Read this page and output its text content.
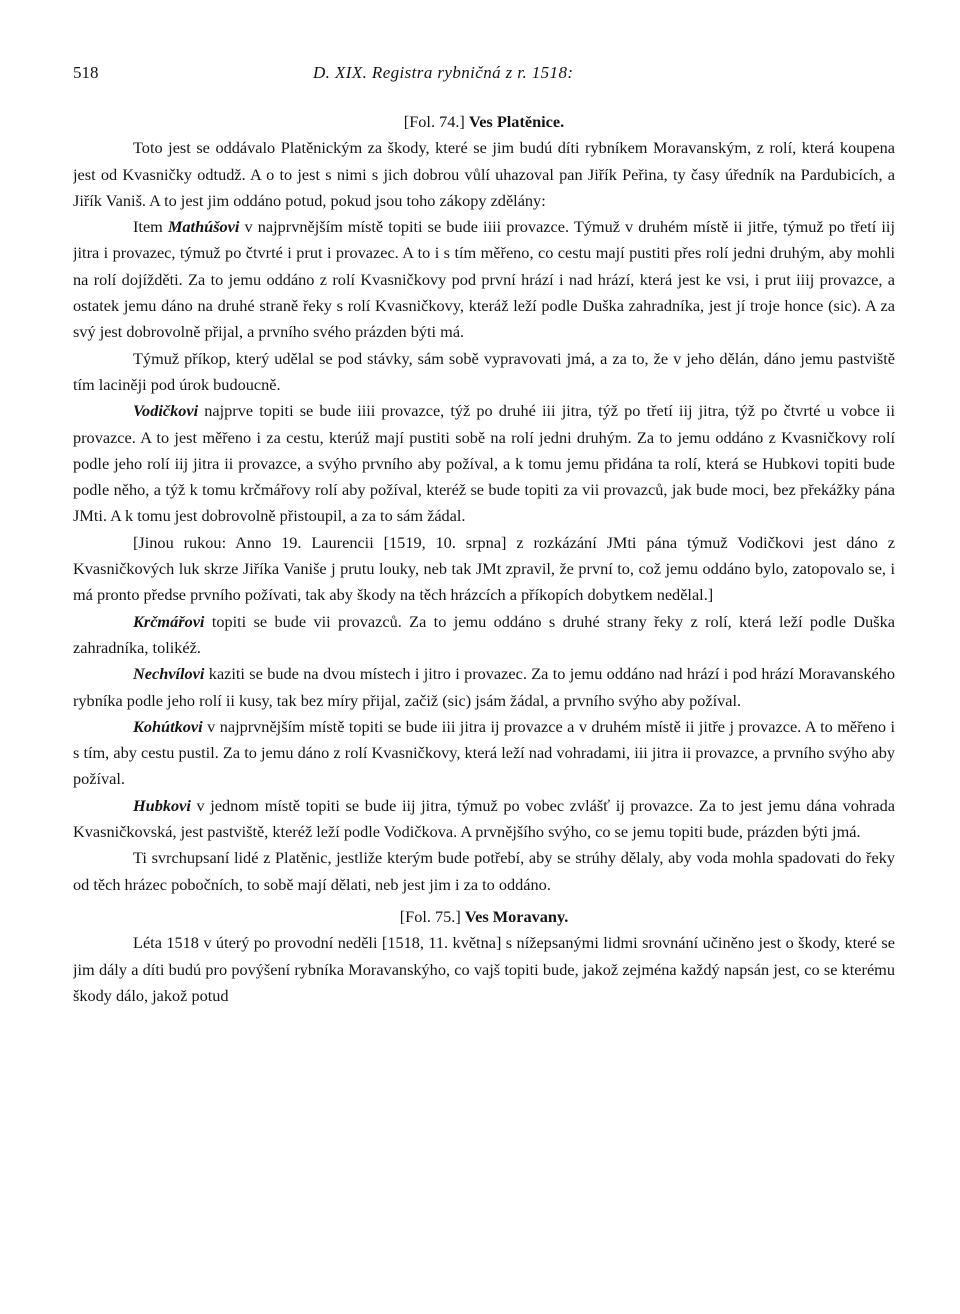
518	D. XIX. Registra rybničná z r. 1518:
[Fol. 74.] Ves Platěnice.

Toto jest se oddávalo Platěnickým za škody, které se jim budú díti rybníkem Moravanským, z rolí, která koupena jest od Kvasničky odtudž. A o to jest s nimi s jich dobrou vůlí uhazoval pan Jiřík Peřina, ty časy úředník na Pardubicích, a Jiřík Vaniš. A to jest jim oddáno potud, pokud jsou toho zákopy zdělány:

Item Mathúšovi v najprvnějším místě topiti se bude iiii provazce. Týmuž v druhém místě ii jitře, týmuž po třetí iij jitra i provazec, týmuž po čtvrté i prut i provazec. A to i s tím měřeno, co cestu mají pustiti přes rolí jedni druhým, aby mohli na rolí dojížděti. Za to jemu oddáno z rolí Kvasničkovy pod první hrází i nad hrází, která jest ke vsi, i prut iiij provazce, a ostatek jemu dáno na druhé straně řeky s rolí Kvasničkovy, kteráž leží podle Duška zahradníka, jest jí troje honce (sic). A za svý jest dobrovolně přijal, a prvního svého prázden býti má.

Týmuž příkop, který udělal se pod stávky, sám sobě vypravovati jmá, a za to, že v jeho dělán, dáno jemu pastviště tím laciněji pod úrok budoucně.

Vodičkovi najprve topiti se bude iiii provazce, týž po druhé iii jitra, týž po třetí iij jitra, týž po čtvrté u vobce ii provazce. A to jest měřeno i za cestu, kterúž mají pustiti sobě na rolí jedni druhým. Za to jemu oddáno z Kvasničkovy rolí podle jeho rolí iij jitra ii provazce, a svýho prvního aby požíval, a k tomu jemu přidána ta rolí, která se Hubkovi topiti bude podle něho, a týž k tomu krčmářovy rolí aby požíval, kteréž se bude topiti za vii provazců, jak bude moci, bez překážky pána JMti. A k tomu jest dobrovolně přistoupil, a za to sám žádal.

[Jinou rukou: Anno 19. Laurencii [1519, 10. srpna] z rozkázání JMti pána týmuž Vodičkovi jest dáno z Kvasničkových luk skrze Jiříka Vaniše j prutu louky, neb tak JMt zpravil, že první to, což jemu oddáno bylo, zatopovalo se, i má pronto předse prvního požívati, tak aby škody na těch hrázcích a příkopích dobytkem nedělal.]

Krčmářovi topiti se bude vii provazců. Za to jemu oddáno s druhé strany řeky z rolí, která leží podle Duška zahradníka, tolikéž.

Nechvílovi kaziti se bude na dvou místech i jitro i provazec. Za to jemu oddáno nad hrází i pod hrází Moravanského rybníka podle jeho rolí ii kusy, tak bez míry přijal, začiž (sic) jsám žádal, a prvního svýho aby požíval.

Kohútkovi v najprvnějším místě topiti se bude iii jitra ij provazce a v druhém místě ii jitře j provazce. A to měřeno i s tím, aby cestu pustil. Za to jemu dáno z rolí Kvasničkovy, která leží nad vohradami, iii jitra ii provazce, a prvního svýho aby požíval.

Hubkovi v jednom místě topiti se bude iij jitra, týmuž po vobec zvlášť ij provazce. Za to jest jemu dána vohrada Kvasničkovská, jest pastviště, kteréž leží podle Vodičkova. A prvnějšího svýho, co se jemu topiti bude, prázden býti jmá.

Ti svrchupsaní lidé z Platěnic, jestliže kterým bude potřebí, aby se strúhy dělaly, aby voda mohla spadovati do řeky od těch hrázec pobočních, to sobě mají dělati, neb jest jim i za to oddáno.

[Fol. 75.] Ves Moravany.

Léta 1518 v úterý po provodní neděli [1518, 11. května] s nížepsanými lidmi srovnání učiněno jest o škody, které se jim dály a díti budú pro povýšení rybníka Moravanskýho, co vajš topiti bude, jakož zejména každý napsán jest, co se kterému škody dálo, jakož potud
